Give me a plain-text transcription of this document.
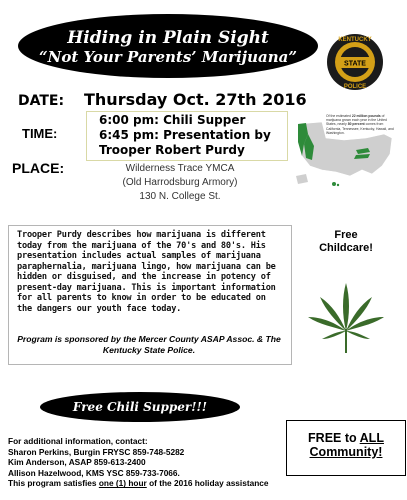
Hiding in Plain Sight
“Not Your Parents’ Marijuana”
KENTUCKY
STATE
POLICE
DATE: Thursday Oct. 27th 2016
TIME:
6:00 pm: Chili Supper
6:45 pm: Presentation by
Trooper Robert Purdy
PLACE:	Wilderness Trace YMCA
(Old Harrodsburg Armory)
130 N. College St.
Of the estimated 22 million pounds of marijuana grown each year in the United States, nearly 80 percent comes from California, Tennessee, Kentucky, Hawaii, and Washington.
Trooper Purdy describes how marijuana is different today from the marijuana of the 70's and 80's. His presentation includes actual samples of marijuana paraphernalia, marijuana lingo, how marijuana can be hidden or disguised, and the increase in potency of present-day marijuana. This is important information for all parents to know in order to be educated on the dangers our youth face today.
Program is sponsored by the Mercer County ASAP Assoc. & The Kentucky State Police.
Free
Childcare!
Free Chili Supper!!!
For additional information, contact:
Sharon Perkins, Burgin FRYSC 859-748-5282
Kim Anderson, ASAP 859-613-2400
Allison Hazelwood, KMS YSC 859-733-7066.
This program satisfies one (1) hour of the 2016 holiday assistance
FREE to ALL
Community!
